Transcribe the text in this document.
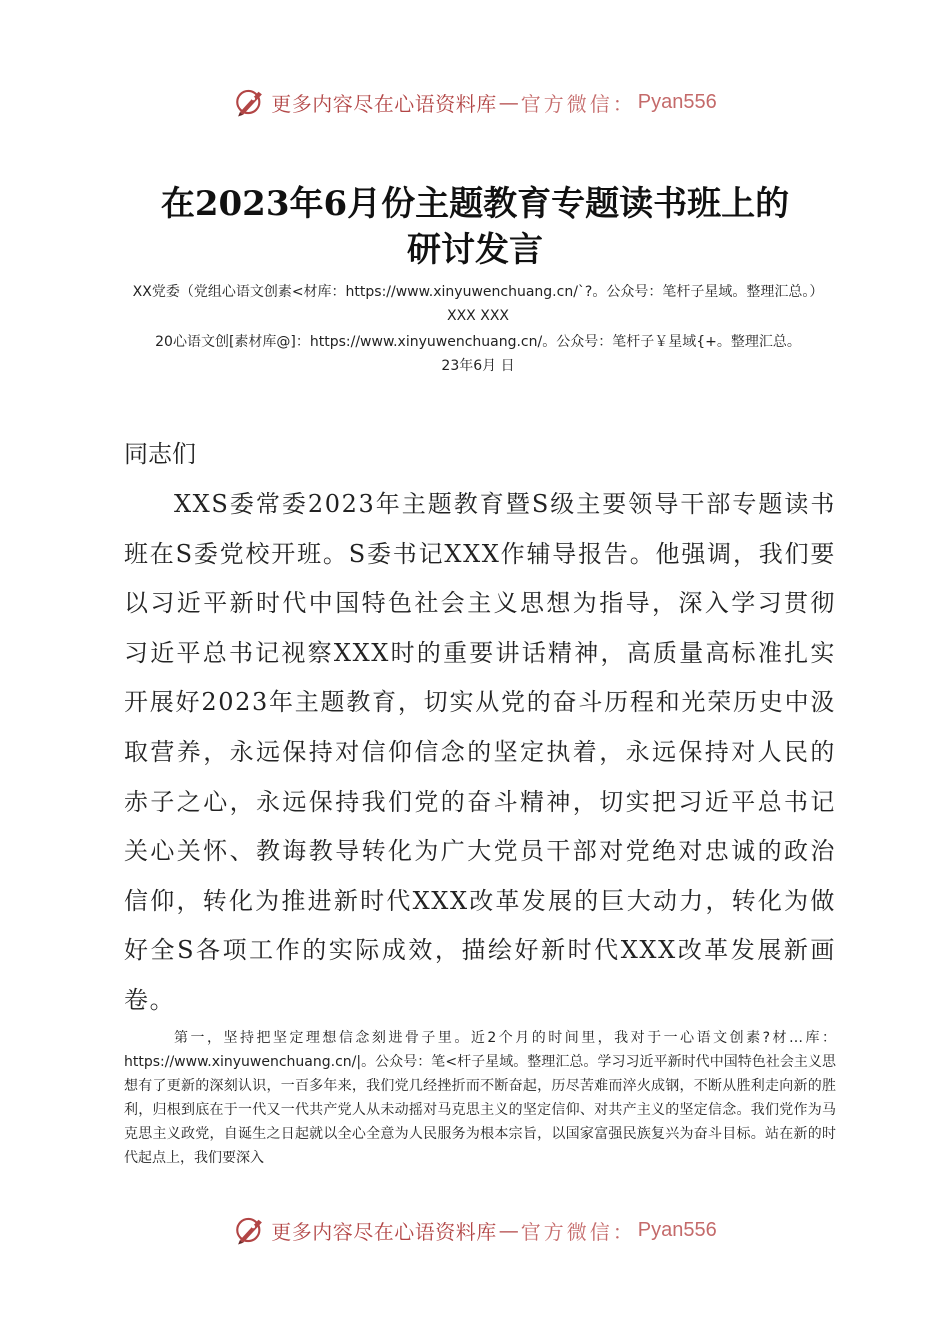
更多内容尽在心语资料库 — 官方微信： Pyan556
在2023年6月份主题教育专题读书班上的
研讨发言
XX党委（党组心语文创素<材库：https://www.xinyuwenchuang.cn/`?。公众号：笔杆子星域。整理汇总。）XXX XXX
20心语文创[素材库@]：https://www.xinyuwenchuang.cn/。公众号：笔杆子￥星域{+。整理汇总。
23年6月 日
同志们

XXS委常委2023年主题教育暨S级主要领导干部专题读书班在S委党校开班。S委书记XXX作辅导报告。他强调，我们要以习近平新时代中国特色社会主义思想为指导，深入学习贯彻习近平总书记视察XXX时的重要讲话精神，高质量高标准扎实开展好2023年主题教育，切实从党的奋斗历程和光荣历史中汲取营养，永远保持对信仰信念的坚定执着，永远保持对人民的赤子之心，永远保持我们党的奋斗精神，切实把习近平总书记关心关怀、教诲教导转化为广大党员干部对党绝对忠诚的政治信仰，转化为推进新时代XXX改革发展的巨大动力，转化为做好全S各项工作的实际成效，描绘好新时代XXX改革发展新画卷。

第一，坚持把坚定理想信念刻进骨子里。近2个月的时间里，我对于一心语文创素?材…库：https://www.xinyuwenchuang.cn/|。公众号：笔<杆子星域。整理汇总。学习习近平新时代中国特色社会主义思想有了更新的深刻认识，一百多年来，我们党几经挫折而不断奋起，历尽苦难而淬火成钢，不断从胜利走向新的胜利，归根到底在于一代又一代共产党人从未动摇对马克思主义的坚定信仰、对共产主义的坚定信念。我们党作为马克思主义政党，自诞生之日起就以全心全意为人民服务为根本宗旨，以国家富强民族复兴为奋斗目标。站在新的时代起点上，我们要深入

更多内容尽在心语资料库 — 官方微信： Pyan556
